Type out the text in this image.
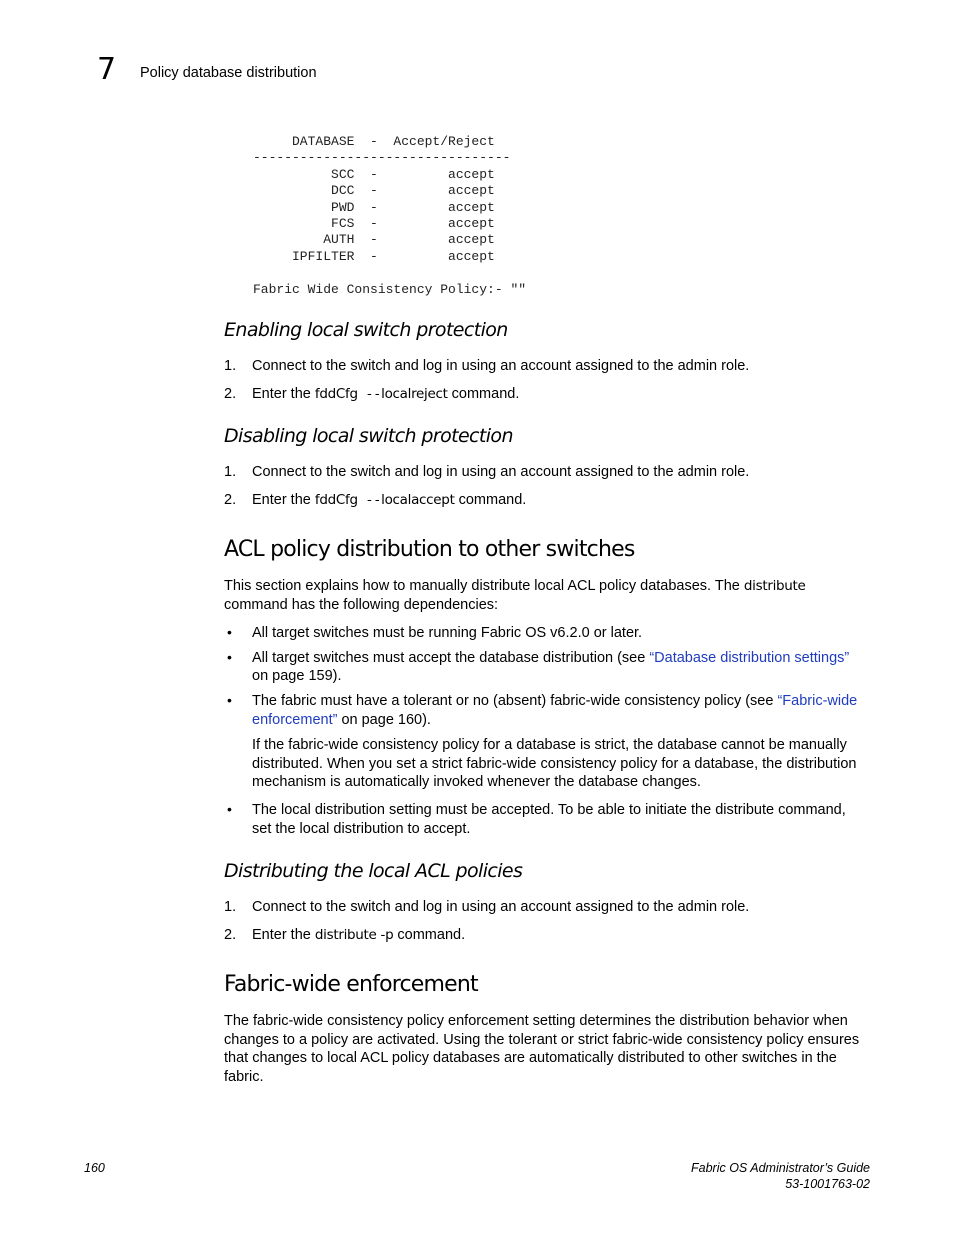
7 Policy database distribution
DATABASE  -  Accept/Reject
---------------------------------
SCC  -         accept
DCC  -         accept
PWD  -         accept
FCS  -         accept
AUTH  -         accept
IPFILTER  -         accept

Fabric Wide Consistency Policy:- ""
Enabling local switch protection
1. Connect to the switch and log in using an account assigned to the admin role.
2. Enter the fddCfg --localreject command.
Disabling local switch protection
1. Connect to the switch and log in using an account assigned to the admin role.
2. Enter the fddCfg --localaccept command.
ACL policy distribution to other switches
This section explains how to manually distribute local ACL policy databases. The distribute
command has the following dependencies:
• All target switches must be running Fabric OS v6.2.0 or later.
• All target switches must accept the database distribution (see “Database distribution settings”
on page 159).
• The fabric must have a tolerant or no (absent) fabric-wide consistency policy (see “Fabric-wide
enforcement” on page 160).
If the fabric-wide consistency policy for a database is strict, the database cannot be manually
distributed. When you set a strict fabric-wide consistency policy for a database, the distribution
mechanism is automatically invoked whenever the database changes.
• The local distribution setting must be accepted. To be able to initiate the distribute command,
set the local distribution to accept.
Distributing the local ACL policies
1. Connect to the switch and log in using an account assigned to the admin role.
2. Enter the distribute -p command.
Fabric-wide enforcement
The fabric-wide consistency policy enforcement setting determines the distribution behavior when
changes to a policy are activated. Using the tolerant or strict fabric-wide consistency policy ensures
that changes to local ACL policy databases are automatically distributed to other switches in the
fabric.
160	Fabric OS Administrator’s Guide
53-1001763-02
